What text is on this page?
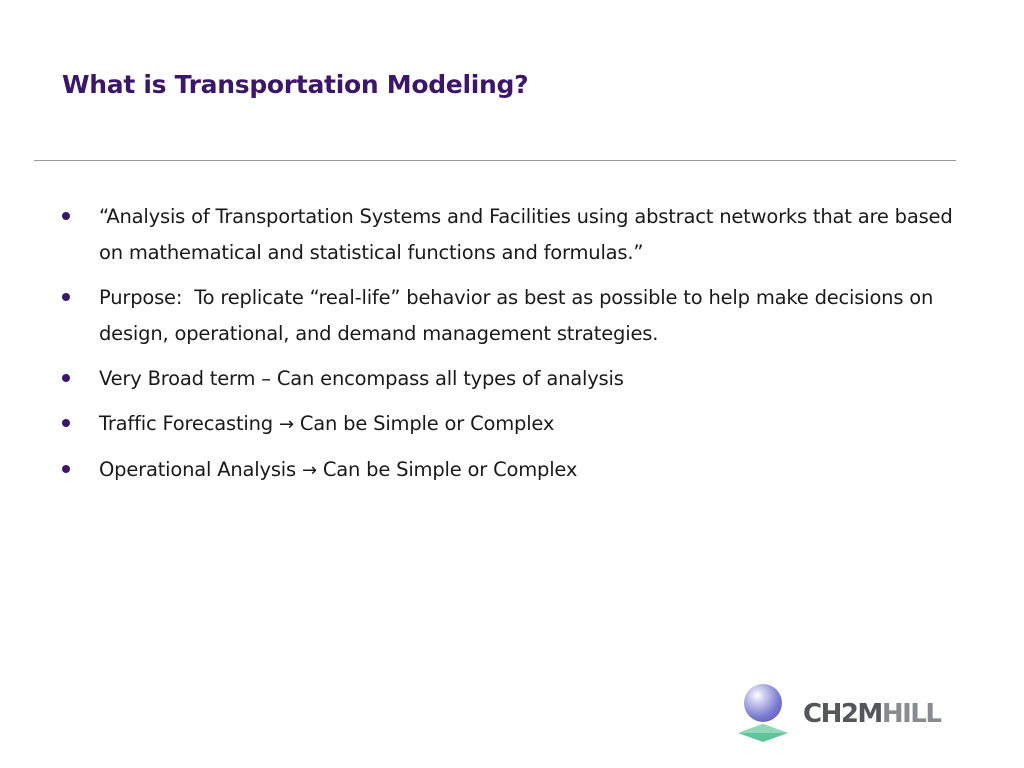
What is Transportation Modeling?
“Analysis of Transportation Systems and Facilities using abstract networks that are based on mathematical and statistical functions and formulas.”
Purpose:  To replicate “real-life” behavior as best as possible to help make decisions on design, operational, and demand management strategies.
Very Broad term – Can encompass all types of analysis
Traffic Forecasting → Can be Simple or Complex
Operational Analysis → Can be Simple or Complex
CH2MHILL
